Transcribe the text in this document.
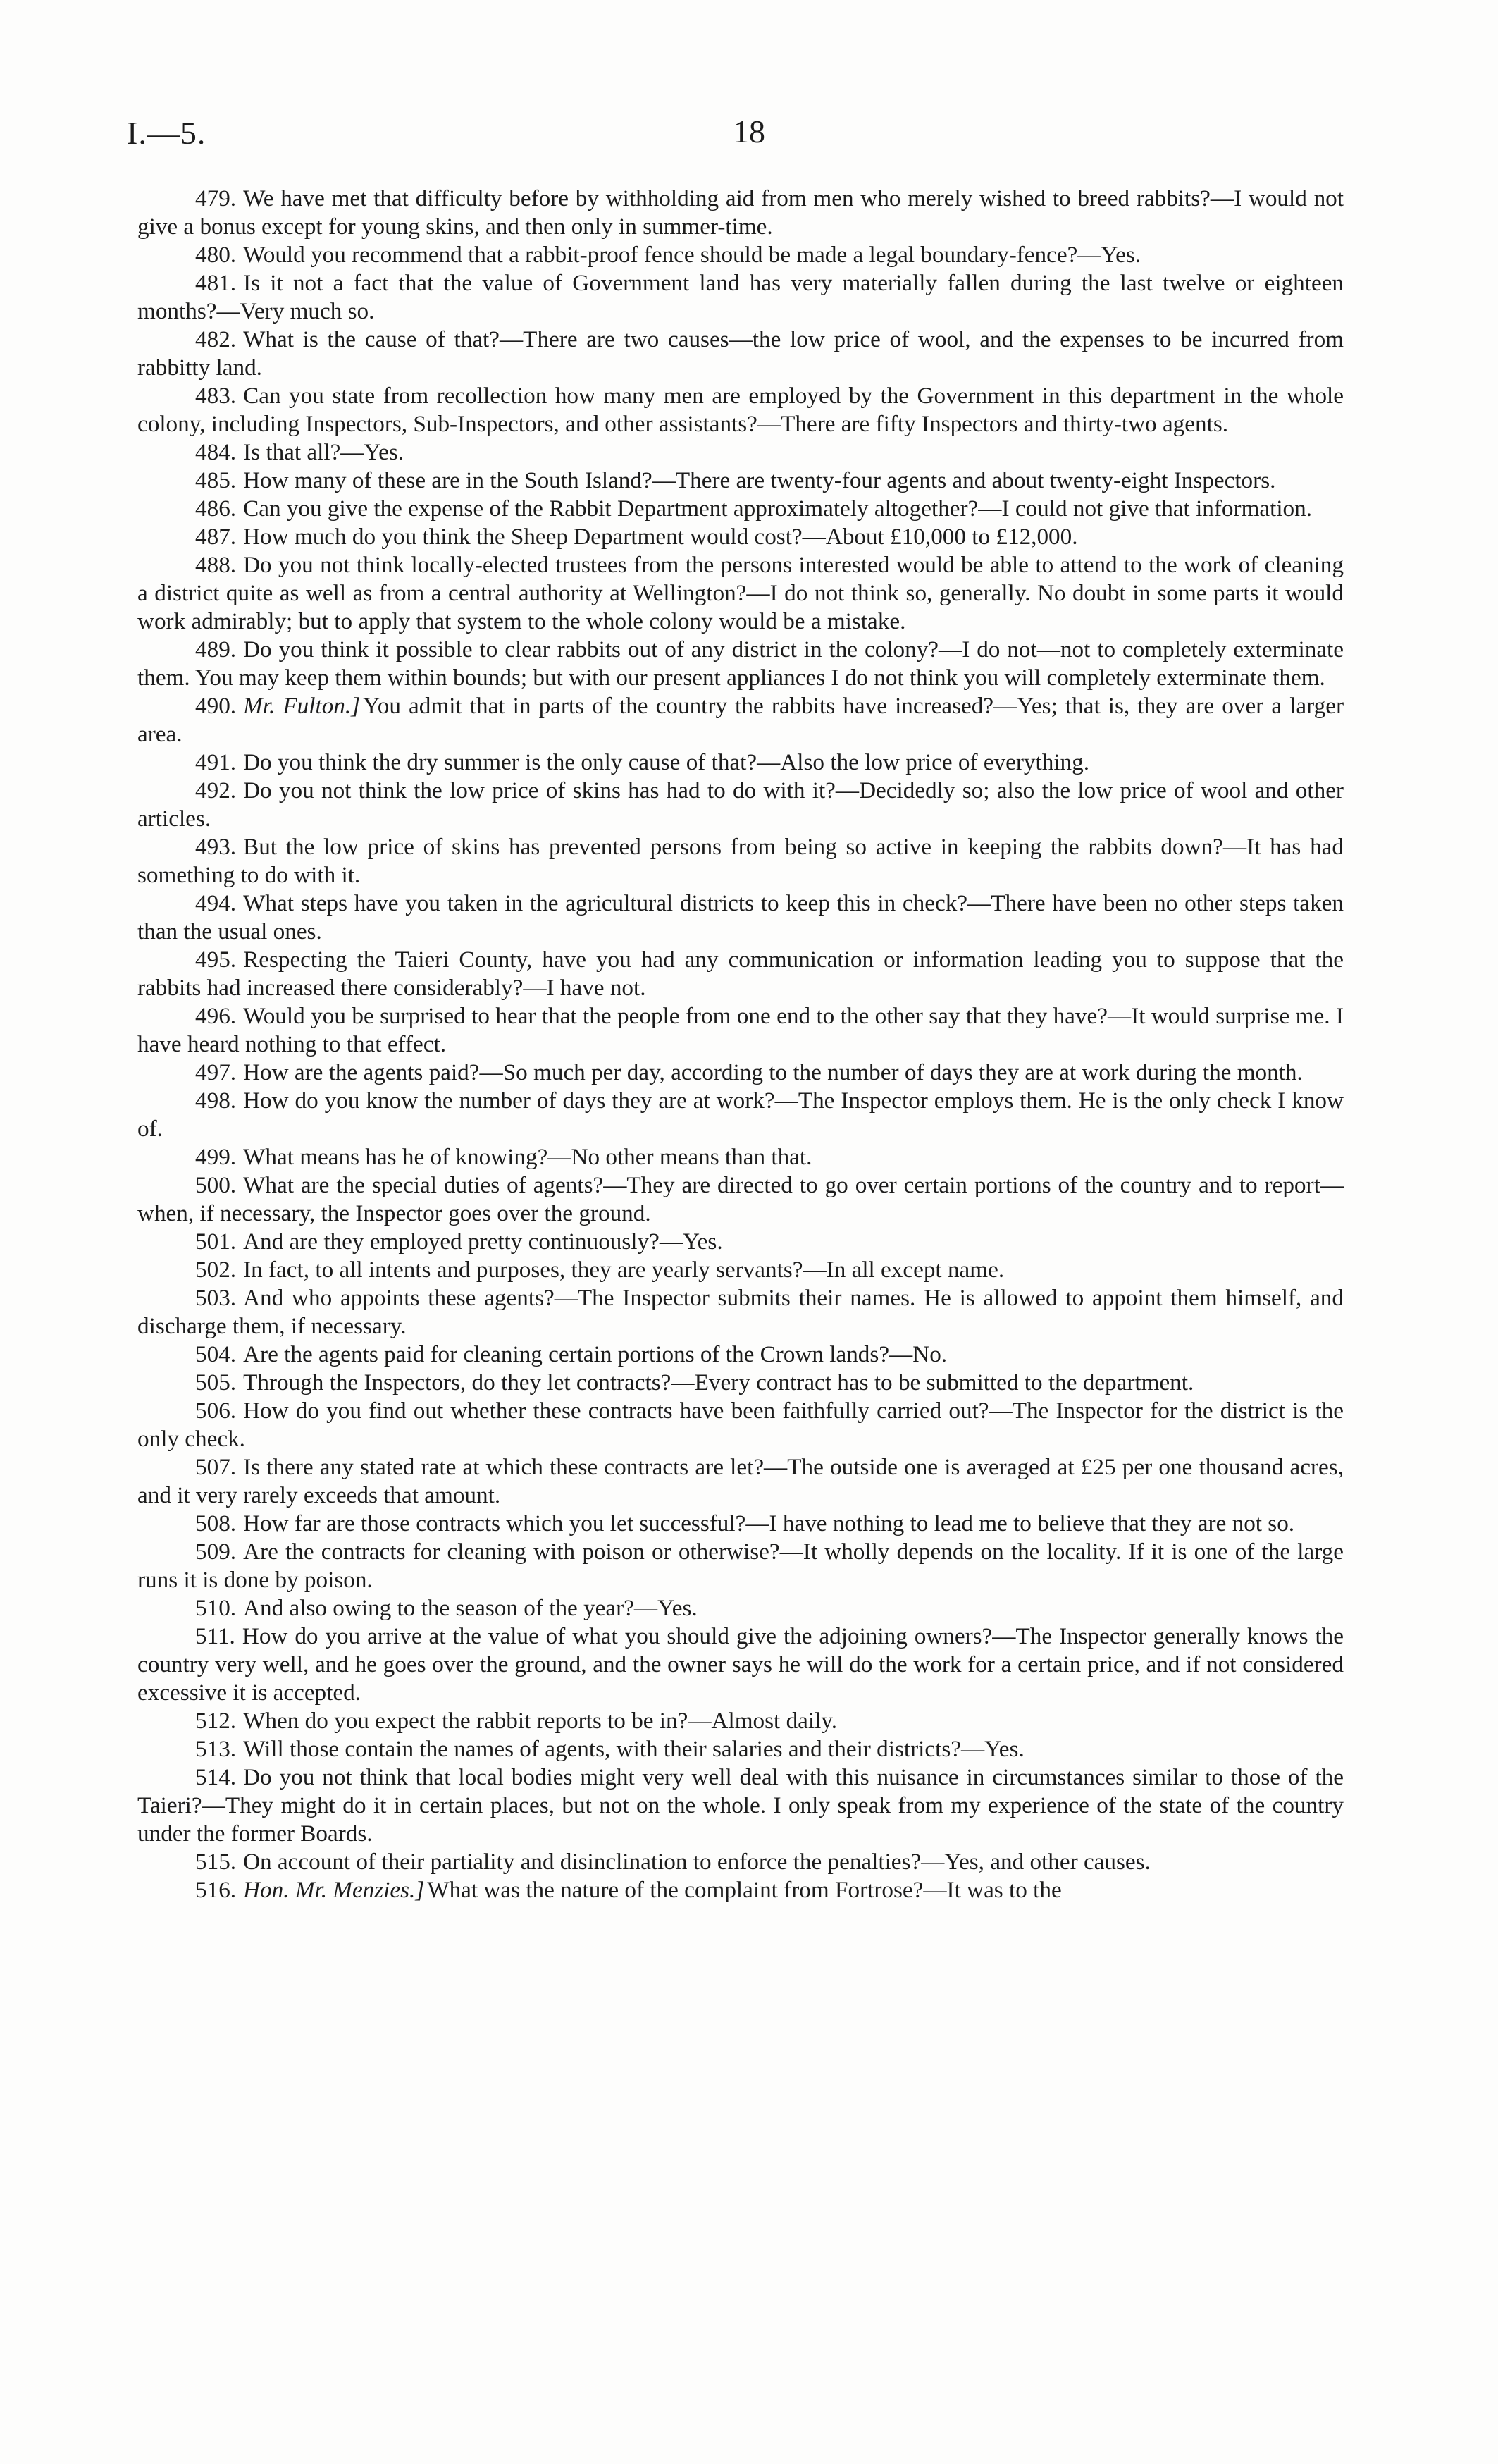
I.—5.	18

479. We have met that difficulty before by withholding aid from men who merely wished to breed rabbits?—I would not give a bonus except for young skins, and then only in summer-time.

480. Would you recommend that a rabbit-proof fence should be made a legal boundary-fence?—Yes.

481. Is it not a fact that the value of Government land has very materially fallen during the last twelve or eighteen months?—Very much so.

482. What is the cause of that?—There are two causes—the low price of wool, and the expenses to be incurred from rabbitty land.

483. Can you state from recollection how many men are employed by the Government in this department in the whole colony, including Inspectors, Sub-Inspectors, and other assistants?—There are fifty Inspectors and thirty-two agents.

484. Is that all?—Yes.

485. How many of these are in the South Island?—There are twenty-four agents and about twenty-eight Inspectors.

486. Can you give the expense of the Rabbit Department approximately altogether?—I could not give that information.

487. How much do you think the Sheep Department would cost?—About £10,000 to £12,000.

488. Do you not think locally-elected trustees from the persons interested would be able to attend to the work of cleaning a district quite as well as from a central authority at Wellington?—I do not think so, generally. No doubt in some parts it would work admirably; but to apply that system to the whole colony would be a mistake.

489. Do you think it possible to clear rabbits out of any district in the colony?—I do not—not to completely exterminate them. You may keep them within bounds; but with our present appliances I do not think you will completely exterminate them.

490. Mr. Fulton.] You admit that in parts of the country the rabbits have increased?—Yes; that is, they are over a larger area.

491. Do you think the dry summer is the only cause of that?—Also the low price of everything.

492. Do you not think the low price of skins has had to do with it?—Decidedly so; also the low price of wool and other articles.

493. But the low price of skins has prevented persons from being so active in keeping the rabbits down?—It has had something to do with it.

494. What steps have you taken in the agricultural districts to keep this in check?—There have been no other steps taken than the usual ones.

495. Respecting the Taieri County, have you had any communication or information leading you to suppose that the rabbits had increased there considerably?—I have not.

496. Would you be surprised to hear that the people from one end to the other say that they have?—It would surprise me. I have heard nothing to that effect.

497. How are the agents paid?—So much per day, according to the number of days they are at work during the month.

498. How do you know the number of days they are at work?—The Inspector employs them. He is the only check I know of.

499. What means has he of knowing?—No other means than that.

500. What are the special duties of agents?—They are directed to go over certain portions of the country and to report—when, if necessary, the Inspector goes over the ground.

501. And are they employed pretty continuously?—Yes.

502. In fact, to all intents and purposes, they are yearly servants?—In all except name.

503. And who appoints these agents?—The Inspector submits their names. He is allowed to appoint them himself, and discharge them, if necessary.

504. Are the agents paid for cleaning certain portions of the Crown lands?—No.

505. Through the Inspectors, do they let contracts?—Every contract has to be submitted to the department.

506. How do you find out whether these contracts have been faithfully carried out?—The Inspector for the district is the only check.

507. Is there any stated rate at which these contracts are let?—The outside one is averaged at £25 per one thousand acres, and it very rarely exceeds that amount.

508. How far are those contracts which you let successful?—I have nothing to lead me to believe that they are not so.

509. Are the contracts for cleaning with poison or otherwise?—It wholly depends on the locality. If it is one of the large runs it is done by poison.

510. And also owing to the season of the year?—Yes.

511. How do you arrive at the value of what you should give the adjoining owners?—The Inspector generally knows the country very well, and he goes over the ground, and the owner says he will do the work for a certain price, and if not considered excessive it is accepted.

512. When do you expect the rabbit reports to be in?—Almost daily.

513. Will those contain the names of agents, with their salaries and their districts?—Yes.

514. Do you not think that local bodies might very well deal with this nuisance in circumstances similar to those of the Taieri?—They might do it in certain places, but not on the whole. I only speak from my experience of the state of the country under the former Boards.

515. On account of their partiality and disinclination to enforce the penalties?—Yes, and other causes.

516. Hon. Mr. Menzies.] What was the nature of the complaint from Fortrose?—It was to the
